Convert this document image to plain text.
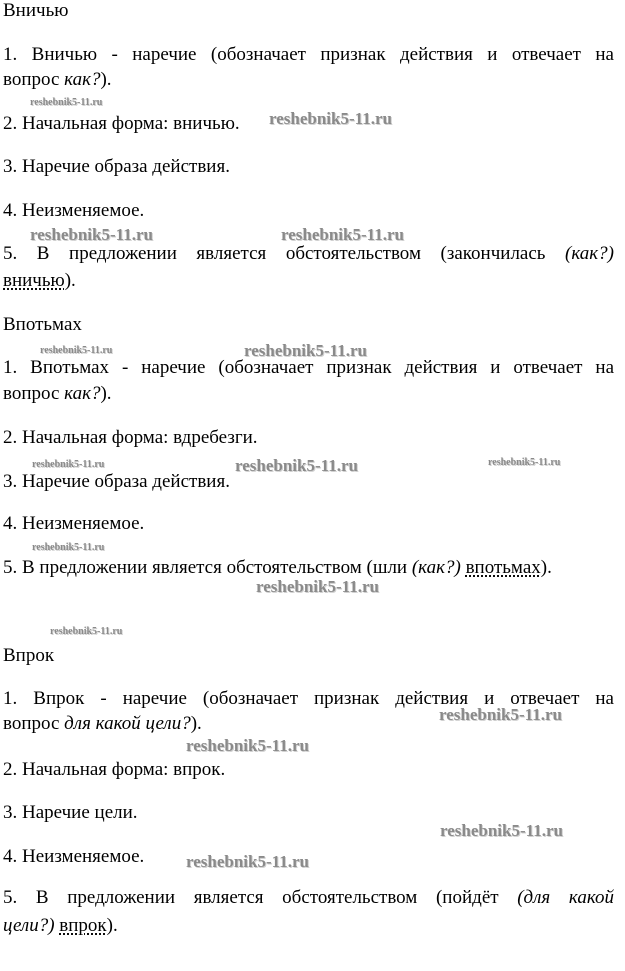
Вничью
1. Вничью - наречие (обозначает признак действия и отвечает на
вопрос как?).
2. Начальная форма: вничью.
3. Наречие образа действия.
4. Неизменяемое.
5. В предложении является обстоятельством (закончилась (как?)
вничью).
Впотьмах
1. Впотьмах - наречие (обозначает признак действия и отвечает на
вопрос как?).
2. Начальная форма: вдребезги.
3. Наречие образа действия.
4. Неизменяемое.
5. В предложении является обстоятельством (шли (как?) впотьмах).
Впрок
1. Впрок - наречие (обозначает признак действия и отвечает на
вопрос для какой цели?).
2. Начальная форма: впрок.
3. Наречие цели.
4. Неизменяемое.
5. В предложении является обстоятельством (пойдёт (для какой
цели?) впрок).
reshebnik5-11.ru
reshebnik5-11.ru
reshebnik5-11.ru	reshebnik5-11.ru
reshebnik5-11.ru	reshebnik5-11.ru
reshebnik5-11.ru	reshebnik5-11.ru	reshebnik5-11.ru
reshebnik5-11.ru
reshebnik5-11.ru
reshebnik5-11.ru
reshebnik5-11.ru
reshebnik5-11.ru
reshebnik5-11.ru
reshebnik5-11.ru
